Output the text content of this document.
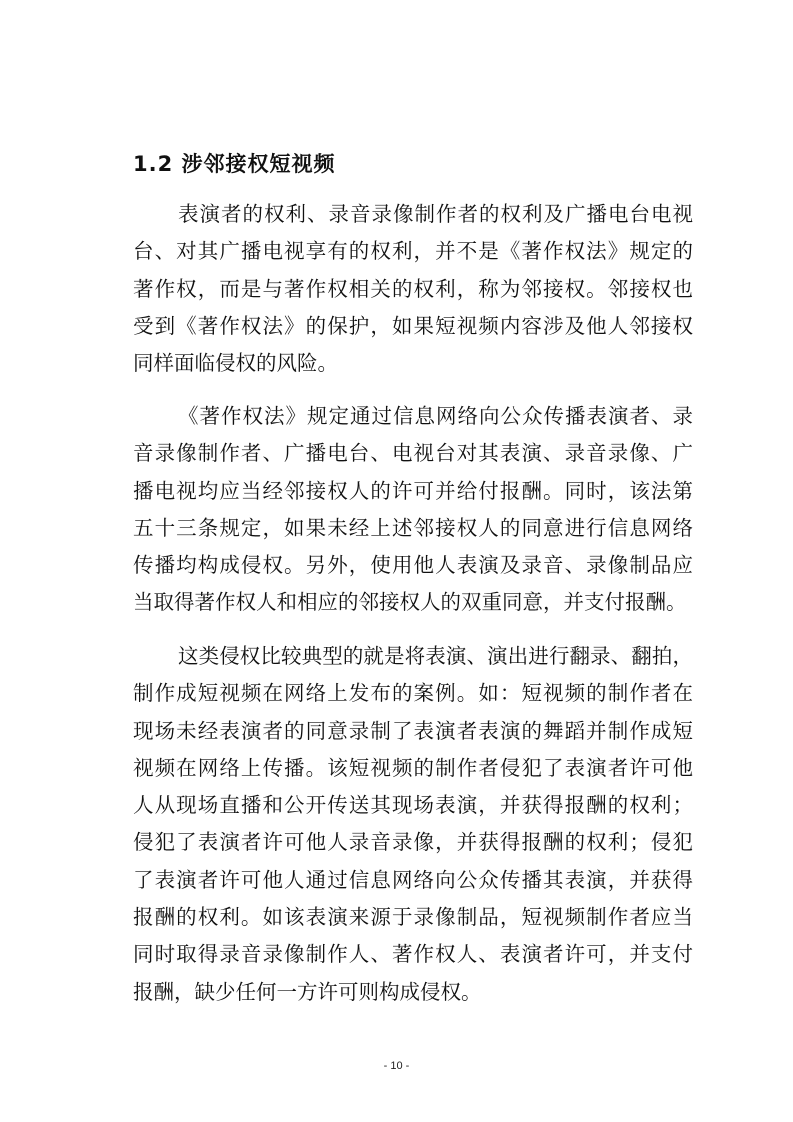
1.2 涉邻接权短视频

表演者的权利、录音录像制作者的权利及广播电台电视
台、对其广播电视享有的权利，并不是《著作权法》规定的
著作权，而是与著作权相关的权利，称为邻接权。邻接权也
受到《著作权法》的保护，如果短视频内容涉及他人邻接权
同样面临侵权的风险。

《著作权法》规定通过信息网络向公众传播表演者、录
音录像制作者、广播电台、电视台对其表演、录音录像、广
播电视均应当经邻接权人的许可并给付报酬。同时，该法第
五十三条规定，如果未经上述邻接权人的同意进行信息网络
传播均构成侵权。另外，使用他人表演及录音、录像制品应
当取得著作权人和相应的邻接权人的双重同意，并支付报酬。

这类侵权比较典型的就是将表演、演出进行翻录、翻拍，
制作成短视频在网络上发布的案例。如：短视频的制作者在
现场未经表演者的同意录制了表演者表演的舞蹈并制作成短
视频在网络上传播。该短视频的制作者侵犯了表演者许可他
人从现场直播和公开传送其现场表演，并获得报酬的权利；
侵犯了表演者许可他人录音录像，并获得报酬的权利；侵犯
了表演者许可他人通过信息网络向公众传播其表演，并获得
报酬的权利。如该表演来源于录像制品，短视频制作者应当
同时取得录音录像制作人、著作权人、表演者许可，并支付
报酬，缺少任何一方许可则构成侵权。

- 10 -
